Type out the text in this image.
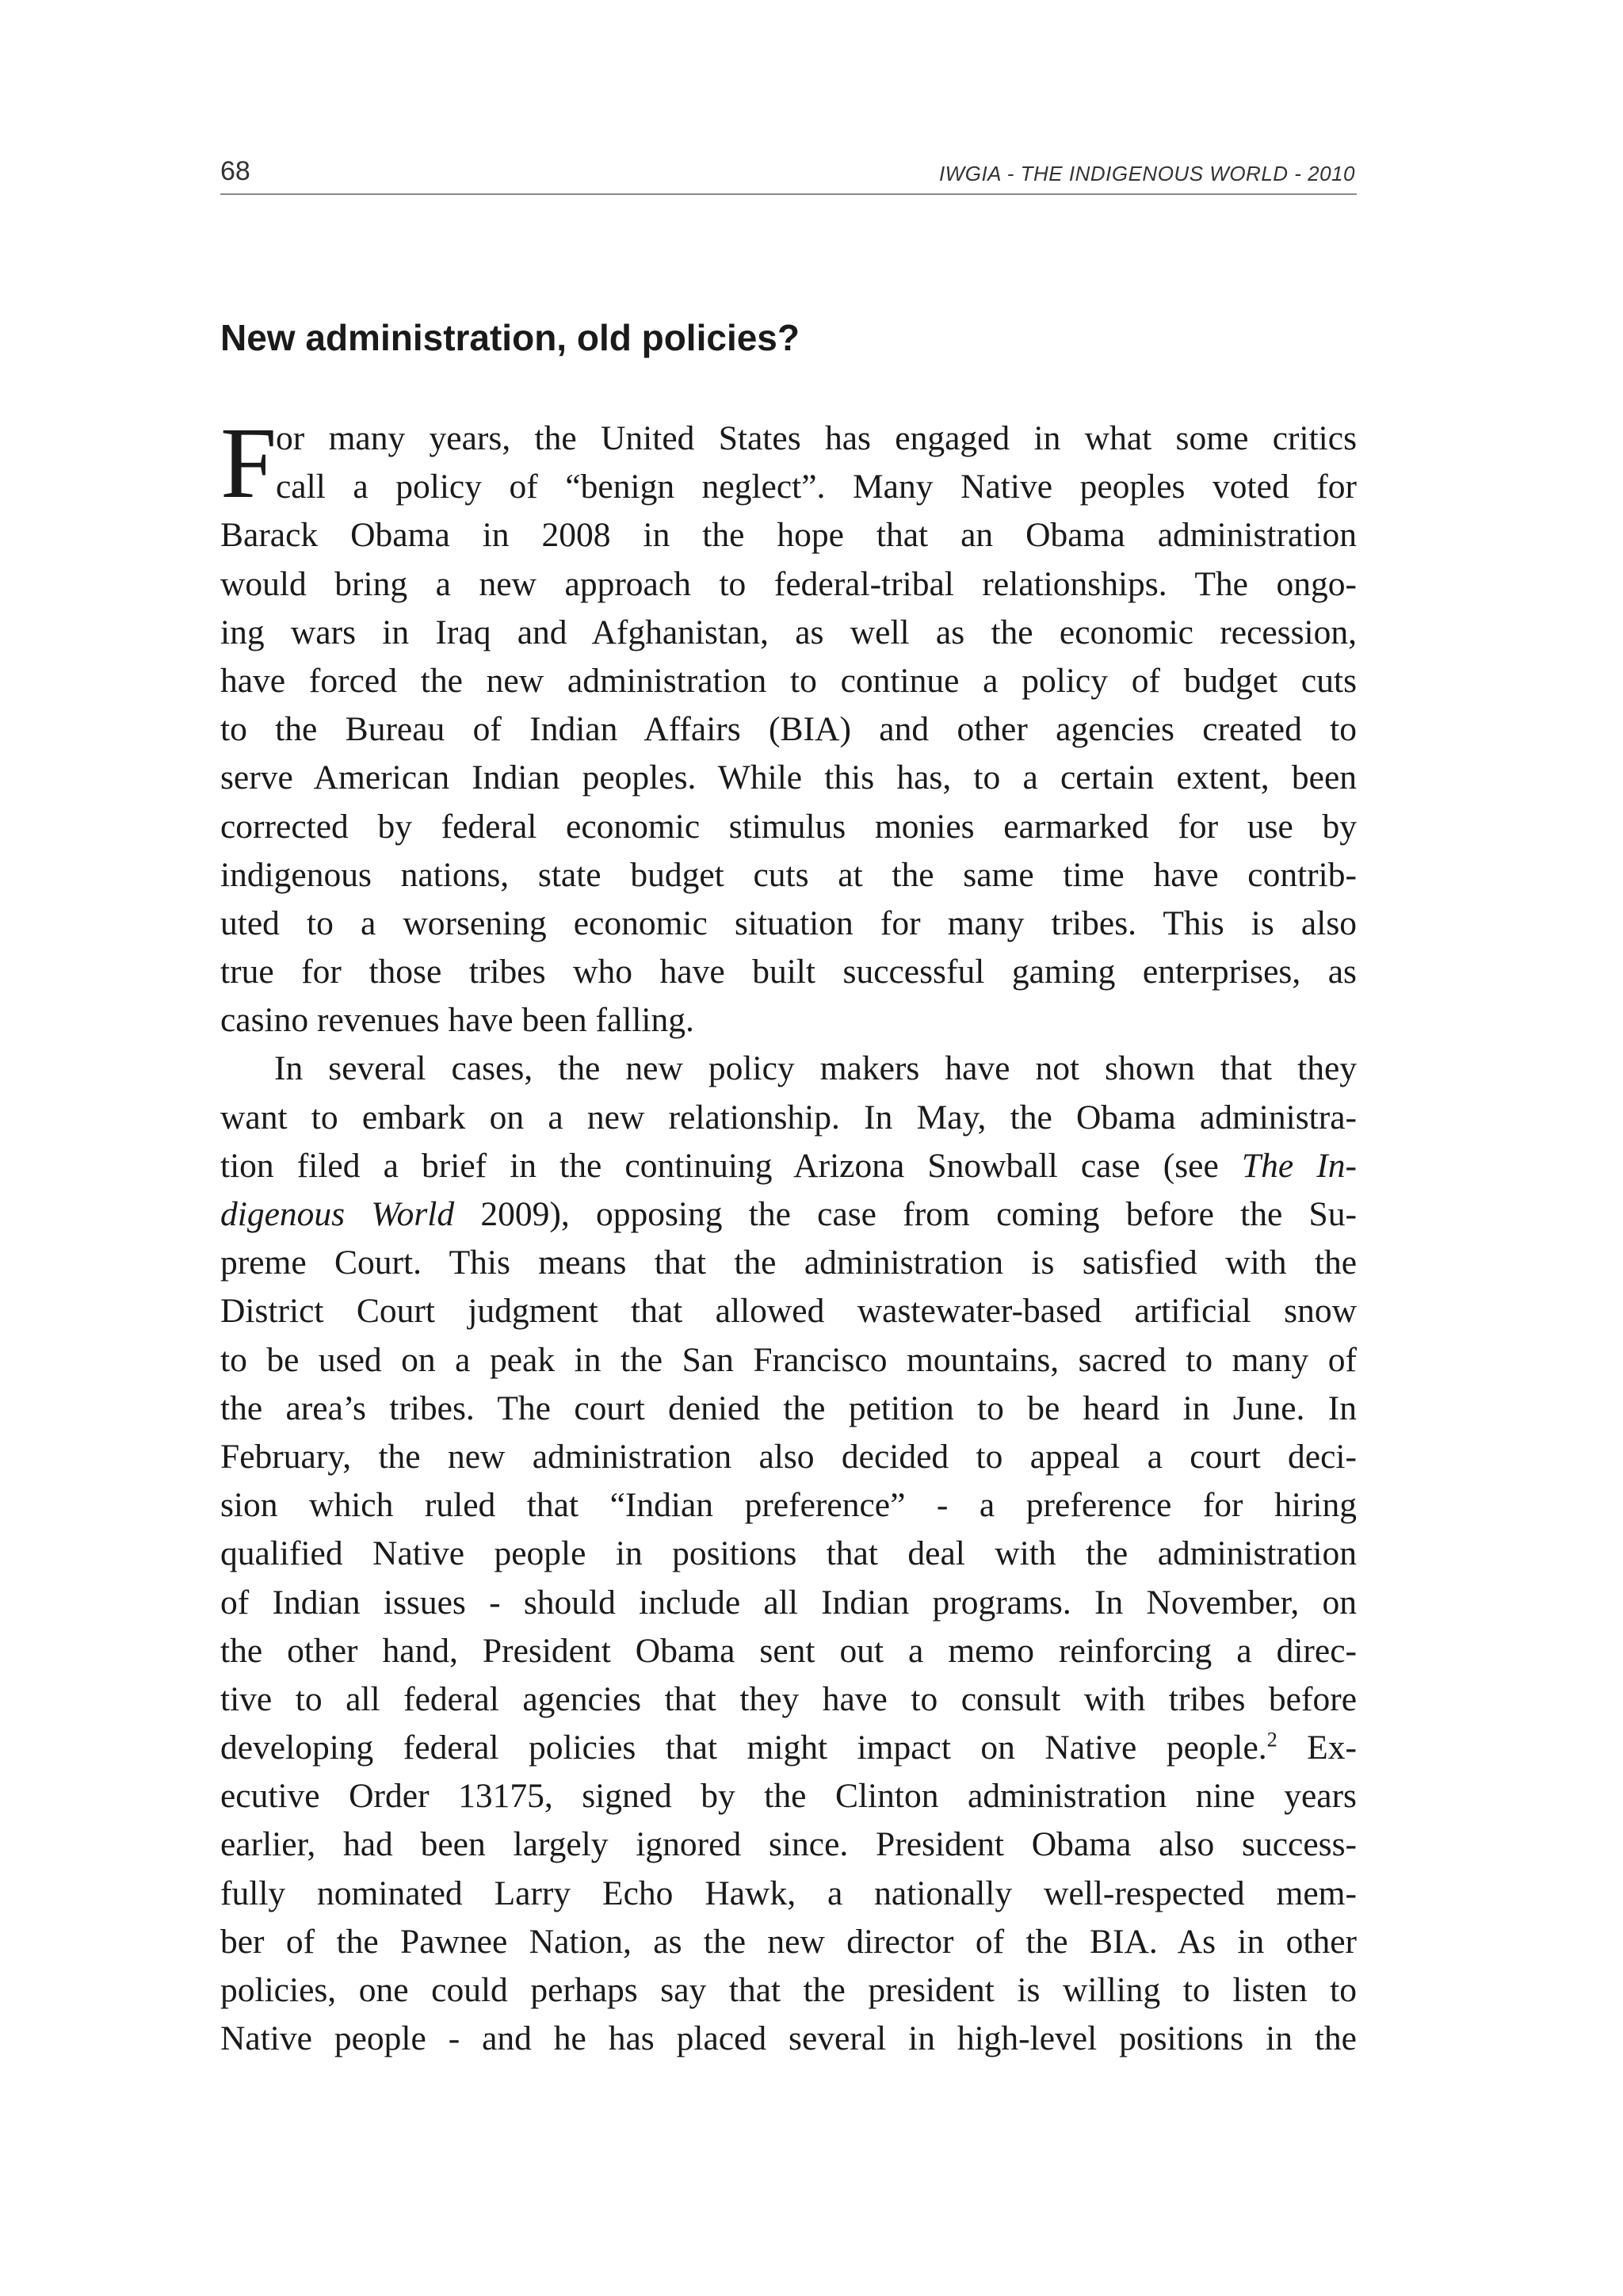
68	IWGIA - THE INDIGENOUS WORLD - 2010
New administration, old policies?
F
or many years, the United States has engaged in what some critics
call a policy of “benign neglect”. Many Native peoples voted for
Barack Obama in 2008 in the hope that an Obama administration
would bring a new approach to federal-tribal relationships. The ongo-
ing wars in Iraq and Afghanistan, as well as the economic recession,
have forced the new administration to continue a policy of budget cuts
to the Bureau of Indian Affairs (BIA) and other agencies created to
serve American Indian peoples. While this has, to a certain extent, been
corrected by federal economic stimulus monies earmarked for use by
indigenous nations, state budget cuts at the same time have contrib-
uted to a worsening economic situation for many tribes. This is also
true for those tribes who have built successful gaming enterprises, as
casino revenues have been falling.
In several cases, the new policy makers have not shown that they
want to embark on a new relationship. In May, the Obama administra-
tion filed a brief in the continuing Arizona Snowball case (see The In-
digenous World 2009), opposing the case from coming before the Su-
preme Court. This means that the administration is satisfied with the
District Court judgment that allowed wastewater-based artificial snow
to be used on a peak in the San Francisco mountains, sacred to many of
the area’s tribes. The court denied the petition to be heard in June. In
February, the new administration also decided to appeal a court deci-
sion which ruled that “Indian preference” - a preference for hiring
qualified Native people in positions that deal with the administration
of Indian issues - should include all Indian programs. In November, on
the other hand, President Obama sent out a memo reinforcing a direc-
tive to all federal agencies that they have to consult with tribes before
developing federal policies that might impact on Native people.$^2$ Ex-
ecutive Order 13175, signed by the Clinton administration nine years
earlier, had been largely ignored since. President Obama also success-
fully nominated Larry Echo Hawk, a nationally well-respected mem-
ber of the Pawnee Nation, as the new director of the BIA. As in other
policies, one could perhaps say that the president is willing to listen to
Native people - and he has placed several in high-level positions in the
